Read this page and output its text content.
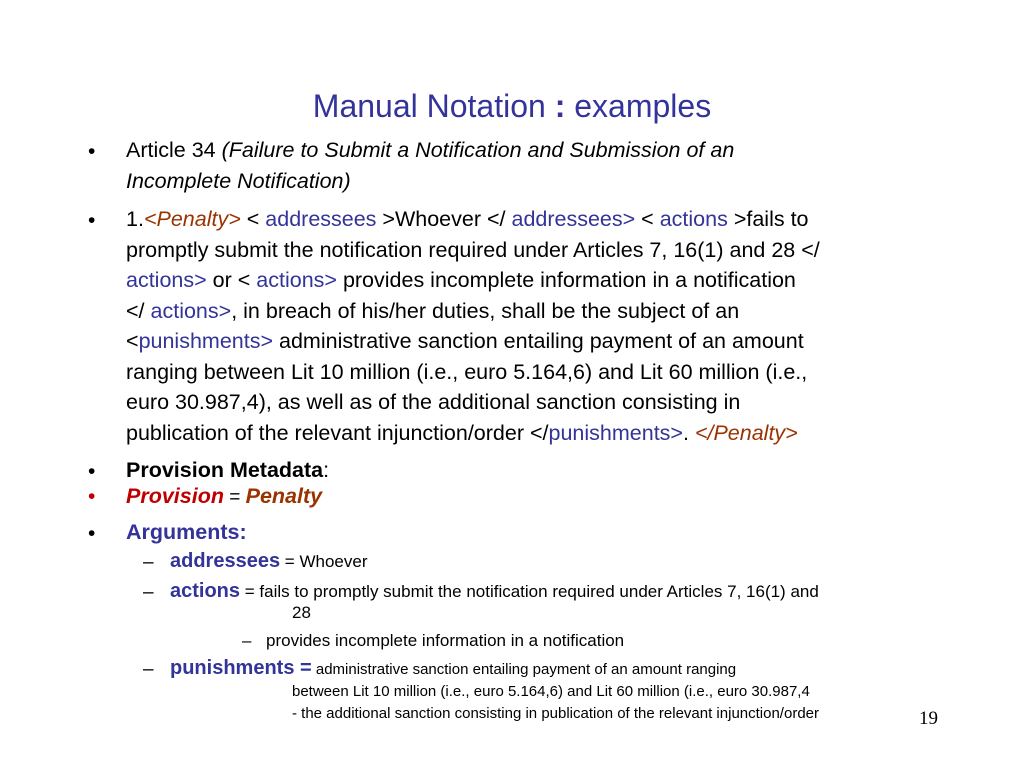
Manual Notation : examples
• Article 34 (Failure to Submit a Notification and Submission of an
Incomplete Notification)
• 1.<Penalty> < addressees >Whoever </ addressees> < actions >fails to
promptly submit the notification required under Articles 7, 16(1) and 28 </
actions> or < actions> provides incomplete information in a notification
</ actions>, in breach of his/her duties, shall be the subject of an
<punishments> administrative sanction entailing payment of an amount
ranging between Lit 10 million (i.e., euro 5.164,6) and Lit 60 million (i.e.,
euro 30.987,4), as well as of the additional sanction consisting in
publication of the relevant injunction/order </punishments>. </Penalty>
• Provision Metadata:
• Provision = Penalty
• Arguments:
– addressees = Whoever
– actions = fails to promptly submit the notification required under Articles 7, 16(1) and
28
– provides incomplete information in a notification
– punishments = administrative sanction entailing payment of an amount ranging
between Lit 10 million (i.e., euro 5.164,6) and Lit 60 million (i.e., euro 30.987,4
- the additional sanction consisting in publication of the relevant injunction/order	19
